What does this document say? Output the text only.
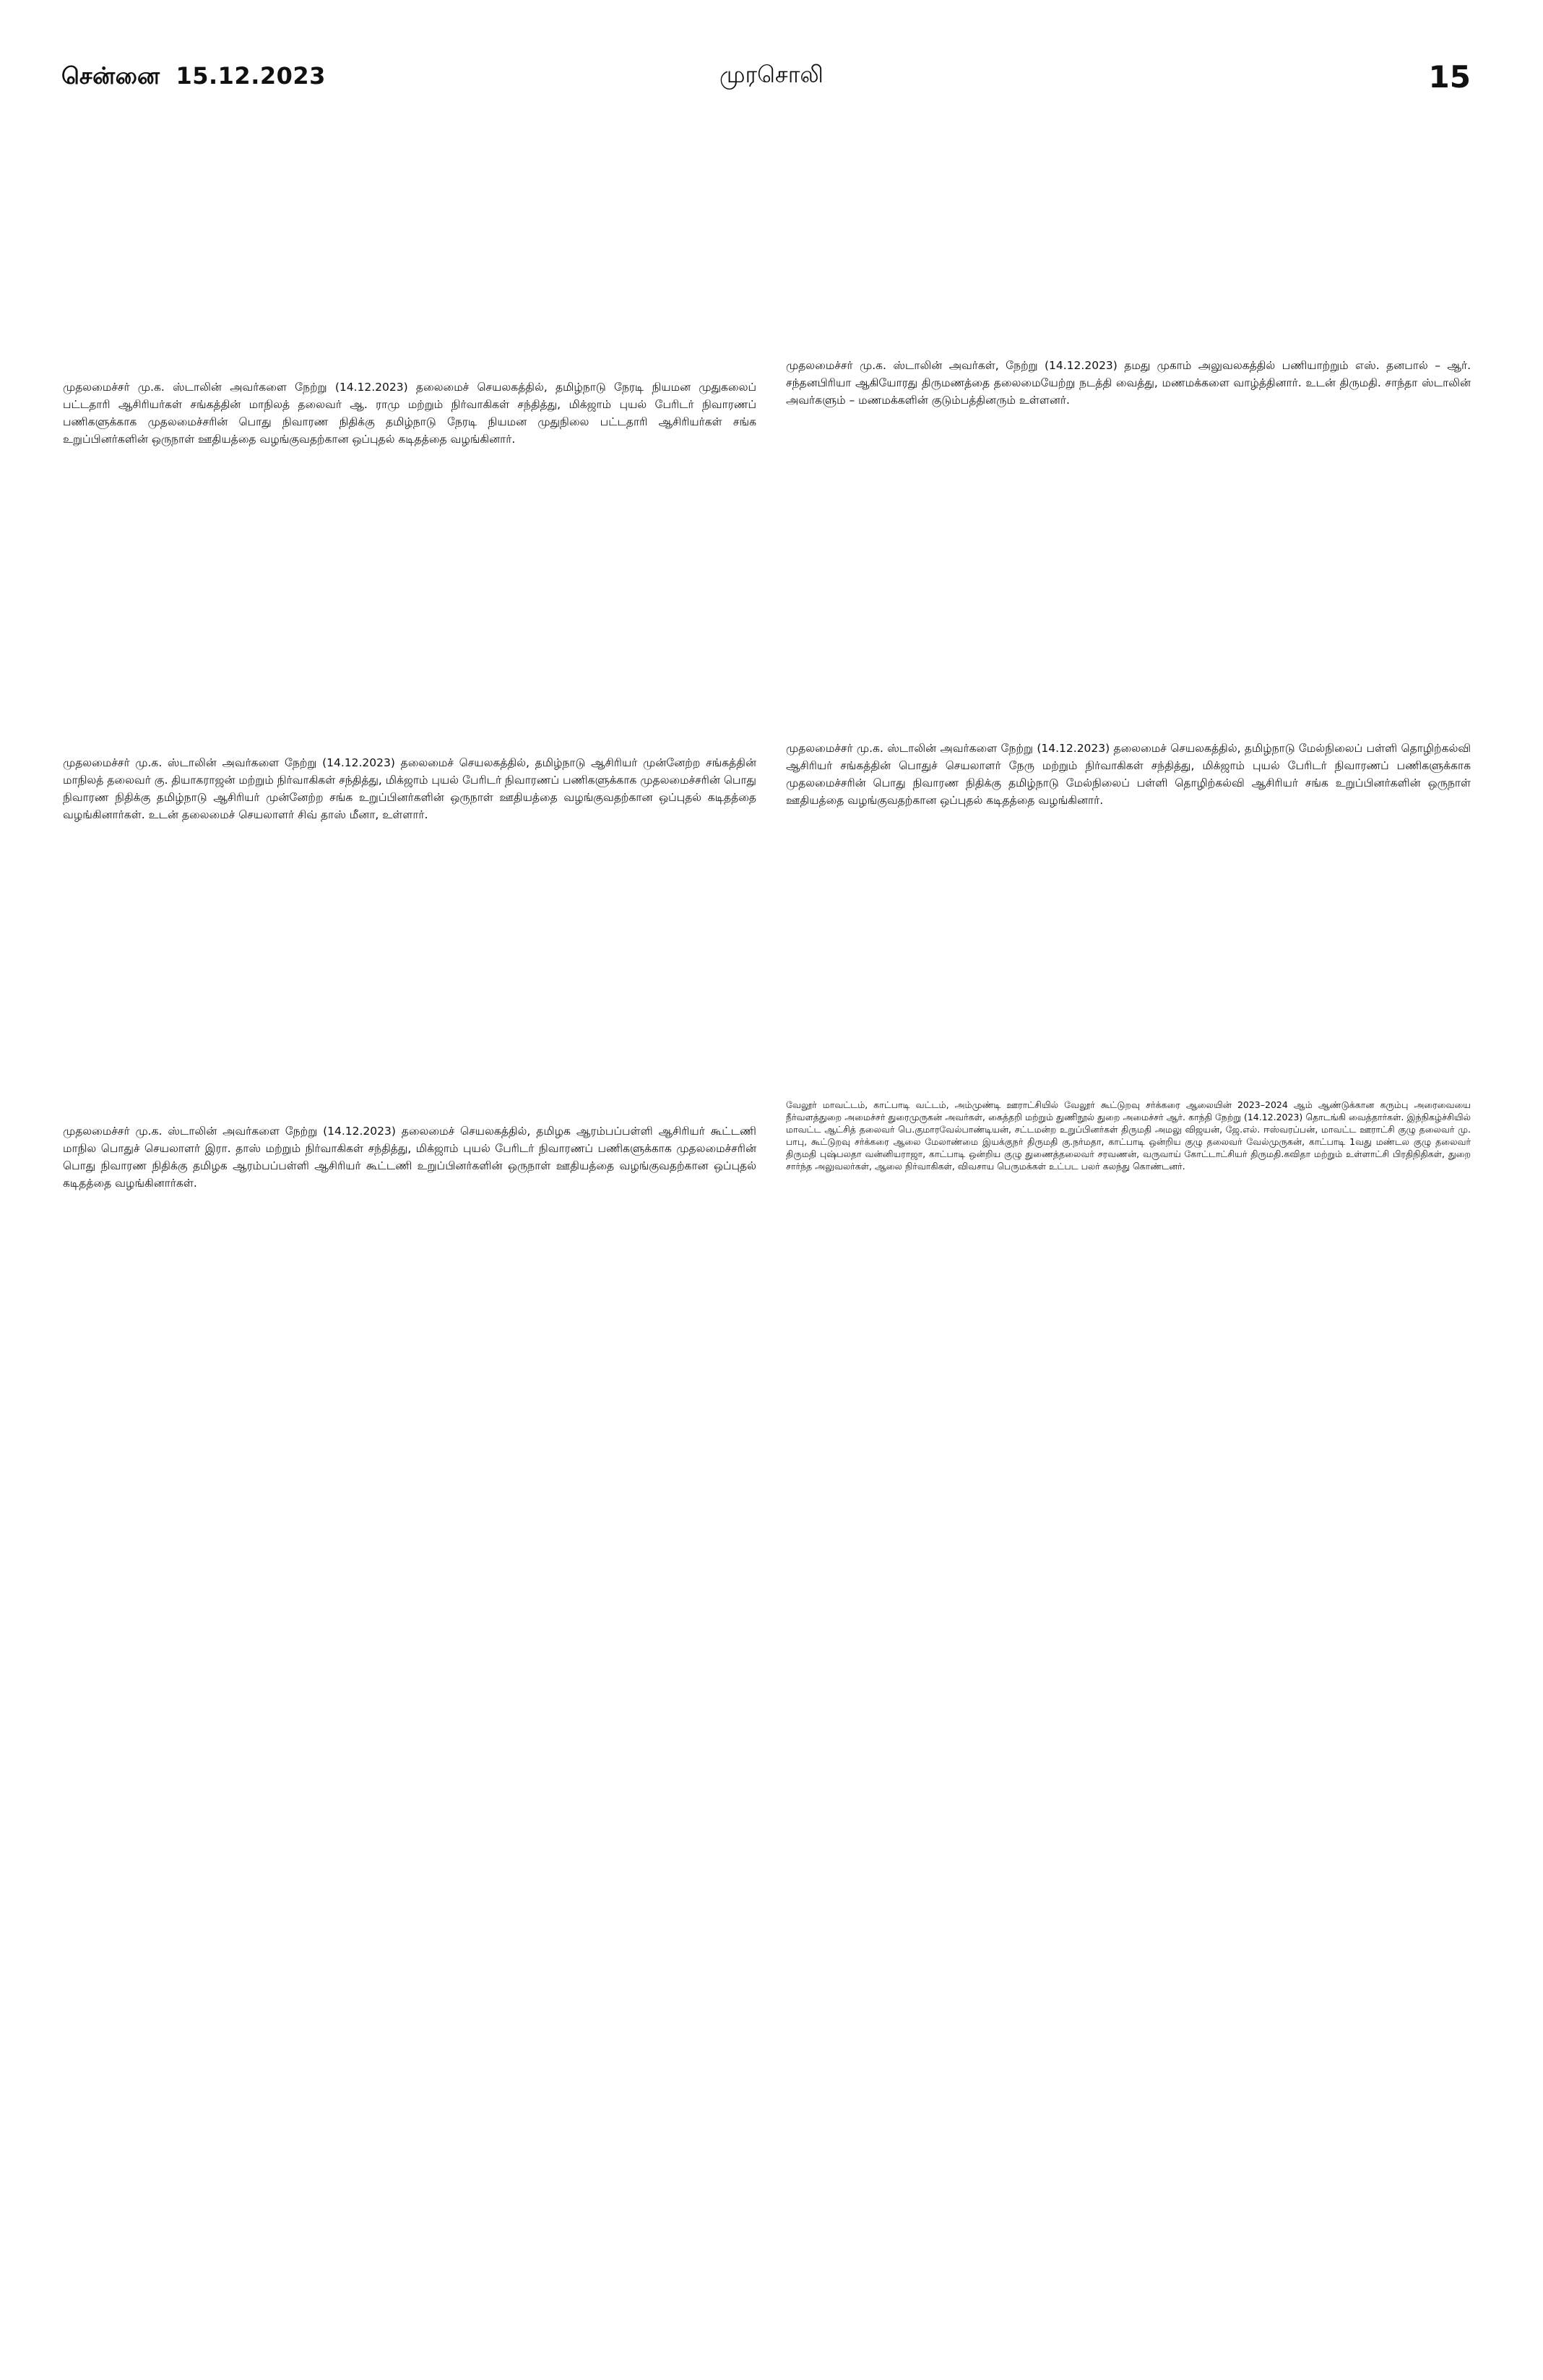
சென்னை 15.12.2023	முரசொலி	15

முதலமைச்சர் மு.க. ஸ்டாலின் அவர்களை நேற்று (14.12.2023) தலைமைச் செயலகத்தில், தமிழ்நாடு நேரடி நியமன முதுகலைப் பட்டதாரி ஆசிரியர்கள் சங்கத்தின் மாநிலத் தலைவர் ஆ. ராமு மற்றும் நிர்வாகிகள் சந்தித்து, மிக்ஜாம் புயல் பேரிடர் நிவாரணப் பணிகளுக்காக முதலமைச்சரின் பொது நிவாரண நிதிக்கு தமிழ்நாடு நேரடி நியமன முதுநிலை பட்டதாரி ஆசிரியர்கள் சங்க உறுப்பினர்களின் ஒருநாள் ஊதியத்தை வழங்குவதற்கான ஒப்புதல் கடிதத்தை வழங்கினார்.

முதலமைச்சர் மு.க. ஸ்டாலின் அவர்கள், நேற்று (14.12.2023) தமது முகாம் அலுவலகத்தில் பணியாற்றும் எஸ். தனபால் – ஆர். சந்தனபிரியா ஆகியோரது திருமணத்தை தலைமையேற்று நடத்தி வைத்து, மணமக்களை வாழ்த்தினார். உடன் திருமதி. சாந்தா ஸ்டாலின் அவர்களும் – மணமக்களின் குடும்பத்தினரும் உள்ளனர்.

முதலமைச்சர் மு.க. ஸ்டாலின் அவர்களை நேற்று (14.12.2023) தலைமைச் செயலகத்தில், தமிழ்நாடு ஆசிரியர் முன்னேற்ற சங்கத்தின் மாநிலத் தலைவர் கு. தியாகராஜன் மற்றும் நிர்வாகிகள் சந்தித்து, மிக்ஜாம் புயல் பேரிடர் நிவாரணப் பணிகளுக்காக முதலமைச்சரின் பொது நிவாரண நிதிக்கு தமிழ்நாடு ஆசிரியர் முன்னேற்ற சங்க உறுப்பினர்களின் ஒருநாள் ஊதியத்தை வழங்குவதற்கான ஒப்புதல் கடிதத்தை வழங்கினார்கள். உடன் தலைமைச் செயலாளர் சிவ் தாஸ் மீனா, உள்ளார்.

முதலமைச்சர் மு.க. ஸ்டாலின் அவர்களை நேற்று (14.12.2023) தலைமைச் செயலகத்தில், தமிழ்நாடு மேல்நிலைப் பள்ளி தொழிற்கல்வி ஆசிரியர் சங்கத்தின் பொதுச் செயலாளர் நேரு மற்றும் நிர்வாகிகள் சந்தித்து, மிக்ஜாம் புயல் பேரிடர் நிவாரணப் பணிகளுக்காக முதலமைச்சரின் பொது நிவாரண நிதிக்கு தமிழ்நாடு மேல்நிலைப் பள்ளி தொழிற்கல்வி ஆசிரியர் சங்க உறுப்பினர்களின் ஒருநாள் ஊதியத்தை வழங்குவதற்கான ஒப்புதல் கடிதத்தை வழங்கினார்.

முதலமைச்சர் மு.க. ஸ்டாலின் அவர்களை நேற்று (14.12.2023) தலைமைச் செயலகத்தில், தமிழக ஆரம்பப்பள்ளி ஆசிரியர் கூட்டணி மாநில பொதுச் செயலாளர் இரா. தாஸ் மற்றும் நிர்வாகிகள் சந்தித்து, மிக்ஜாம் புயல் பேரிடர் நிவாரணப் பணிகளுக்காக முதலமைச்சரின் பொது நிவாரண நிதிக்கு தமிழக ஆரம்பப்பள்ளி ஆசிரியர் கூட்டணி உறுப்பினர்களின் ஒருநாள் ஊதியத்தை வழங்குவதற்கான ஒப்புதல் கடிதத்தை வழங்கினார்கள்.

வேலூர் மாவட்டம், காட்பாடி வட்டம், அம்முண்டி ஊராட்சியில் வேலூர் கூட்டுறவு சர்க்கரை ஆலையின் 2023–2024 ஆம் ஆண்டுக்கான கரும்பு அரைவையை நீர்வளத்துறை அமைச்சர் துரைமுருகன் அவர்கள், கைத்தறி மற்றும் துணிநூல் துறை அமைச்சர் ஆர். காந்தி நேற்று (14.12.2023) தொடங்கி வைத்தார்கள். இந்நிகழ்ச்சியில் மாவட்ட ஆட்சித் தலைவர் பெ.குமாரவேல்பாண்டியன், சட்டமன்ற உறுப்பினர்கள் திருமதி அமலு விஜயன், ஜே.எல். ஈஸ்வரப்பன், மாவட்ட ஊராட்சி குழு தலைவர் மு. பாபு, கூட்டுறவு சர்க்கரை ஆலை மேலாண்மை இயக்குநர் திருமதி கு.நர்மதா, காட்பாடி ஒன்றிய குழு தலைவர் வேல்முருகன், காட்பாடி 1வது மண்டல குழு தலைவர் திருமதி புஷ்பலதா வன்னியராஜா, காட்பாடி ஒன்றிய குழு துணைத்தலைவர் சரவணன், வருவாய் கோட்டாட்சியர் திருமதி.கவிதா மற்றும் உள்ளாட்சி பிரதிநிதிகள், துறை சார்ந்த அலுவலர்கள், ஆலை நிர்வாகிகள், விவசாய பெருமக்கள் உட்பட பலர் கலந்து கொண்டனர்.
